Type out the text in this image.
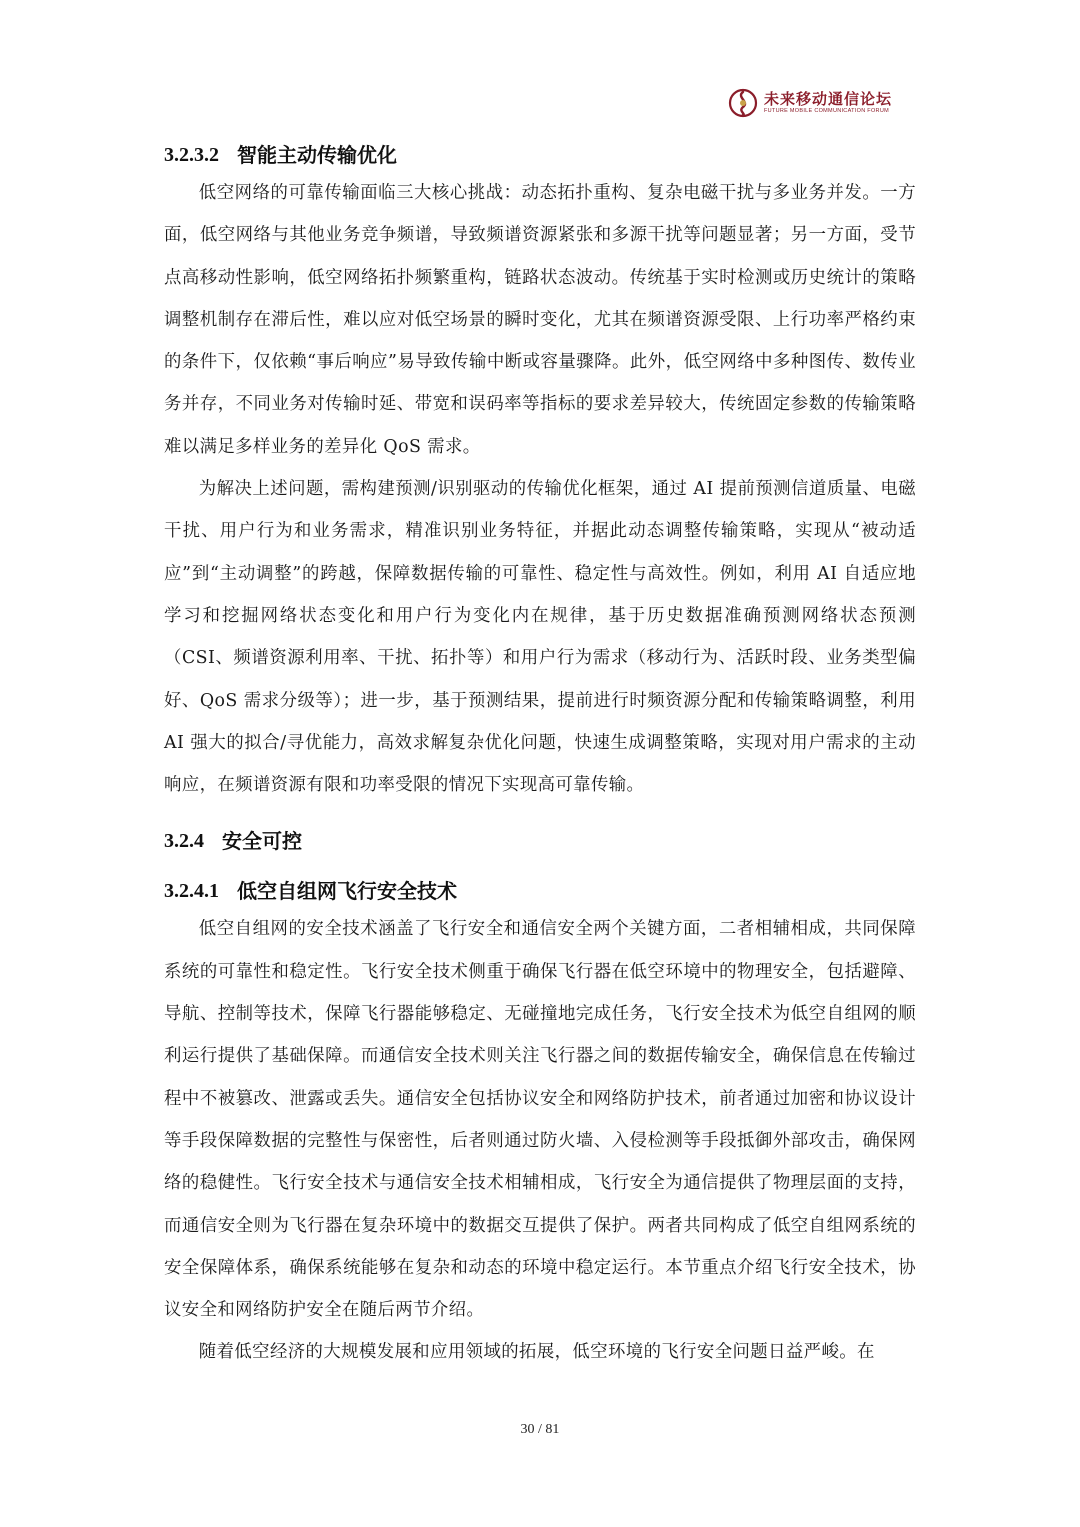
未来移动通信论坛
FUTURE MOBILE COMMUNICATION FORUM
3.2.3.2 智能主动传输优化

低空网络的可靠传输面临三大核心挑战：动态拓扑重构、复杂电磁干扰与多业务并发。一方面，低空网络与其他业务竞争频谱，导致频谱资源紧张和多源干扰等问题显著；另一方面，受节点高移动性影响，低空网络拓扑频繁重构，链路状态波动。传统基于实时检测或历史统计的策略调整机制存在滞后性，难以应对低空场景的瞬时变化，尤其在频谱资源受限、上行功率严格约束的条件下，仅依赖“事后响应”易导致传输中断或容量骤降。此外，低空网络中多种图传、数传业务并存，不同业务对传输时延、带宽和误码率等指标的要求差异较大，传统固定参数的传输策略难以满足多样业务的差异化 QoS 需求。

为解决上述问题，需构建预测/识别驱动的传输优化框架，通过 AI 提前预测信道质量、电磁干扰、用户行为和业务需求，精准识别业务特征，并据此动态调整传输策略，实现从“被动适应”到“主动调整”的跨越，保障数据传输的可靠性、稳定性与高效性。例如，利用 AI 自适应地学习和挖掘网络状态变化和用户行为变化内在规律，基于历史数据准确预测网络状态预测（CSI、频谱资源利用率、干扰、拓扑等）和用户行为需求（移动行为、活跃时段、业务类型偏好、QoS 需求分级等）；进一步，基于预测结果，提前进行时频资源分配和传输策略调整，利用 AI 强大的拟合/寻优能力，高效求解复杂优化问题，快速生成调整策略，实现对用户需求的主动响应，在频谱资源有限和功率受限的情况下实现高可靠传输。

3.2.4 安全可控
3.2.4.1 低空自组网飞行安全技术

低空自组网的安全技术涵盖了飞行安全和通信安全两个关键方面，二者相辅相成，共同保障系统的可靠性和稳定性。飞行安全技术侧重于确保飞行器在低空环境中的物理安全，包括避障、导航、控制等技术，保障飞行器能够稳定、无碰撞地完成任务，飞行安全技术为低空自组网的顺利运行提供了基础保障。而通信安全技术则关注飞行器之间的数据传输安全，确保信息在传输过程中不被篡改、泄露或丢失。通信安全包括协议安全和网络防护技术，前者通过加密和协议设计等手段保障数据的完整性与保密性，后者则通过防火墙、入侵检测等手段抵御外部攻击，确保网络的稳健性。飞行安全技术与通信安全技术相辅相成，飞行安全为通信提供了物理层面的支持，而通信安全则为飞行器在复杂环境中的数据交互提供了保护。两者共同构成了低空自组网系统的安全保障体系，确保系统能够在复杂和动态的环境中稳定运行。本节重点介绍飞行安全技术，协议安全和网络防护安全在随后两节介绍。

随着低空经济的大规模发展和应用领域的拓展，低空环境的飞行安全问题日益严峻。在

30 / 81
